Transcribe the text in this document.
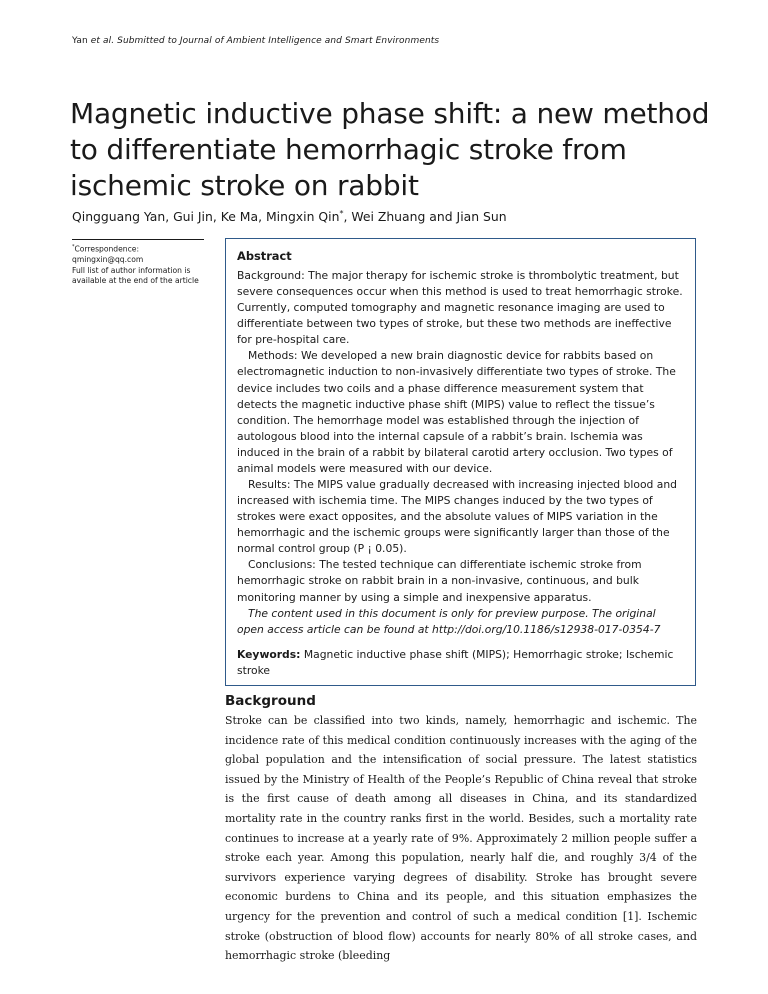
Yan et al. Submitted to Journal of Ambient Intelligence and Smart Environments
Magnetic inductive phase shift: a new method to differentiate hemorrhagic stroke from ischemic stroke on rabbit
Qingguang Yan, Gui Jin, Ke Ma, Mingxin Qin*, Wei Zhuang and Jian Sun
*Correspondence:
qmingxin@qq.com
Full list of author information is available at the end of the article
Abstract

Background: The major therapy for ischemic stroke is thrombolytic treatment, but severe consequences occur when this method is used to treat hemorrhagic stroke. Currently, computed tomography and magnetic resonance imaging are used to differentiate between two types of stroke, but these two methods are ineffective for pre-hospital care.

Methods: We developed a new brain diagnostic device for rabbits based on electromagnetic induction to non-invasively differentiate two types of stroke. The device includes two coils and a phase difference measurement system that detects the magnetic inductive phase shift (MIPS) value to reflect the tissue’s condition. The hemorrhage model was established through the injection of autologous blood into the internal capsule of a rabbit’s brain. Ischemia was induced in the brain of a rabbit by bilateral carotid artery occlusion. Two types of animal models were measured with our device.

Results: The MIPS value gradually decreased with increasing injected blood and increased with ischemia time. The MIPS changes induced by the two types of strokes were exact opposites, and the absolute values of MIPS variation in the hemorrhagic and the ischemic groups were significantly larger than those of the normal control group (P ¡ 0.05).

Conclusions: The tested technique can differentiate ischemic stroke from hemorrhagic stroke on rabbit brain in a non-invasive, continuous, and bulk monitoring manner by using a simple and inexpensive apparatus.

The content used in this document is only for preview purpose. The original open access article can be found at http://doi.org/10.1186/s12938-017-0354-7

Keywords: Magnetic inductive phase shift (MIPS); Hemorrhagic stroke; Ischemic stroke
Background

Stroke can be classified into two kinds, namely, hemorrhagic and ischemic. The incidence rate of this medical condition continuously increases with the aging of the global population and the intensification of social pressure. The latest statistics issued by the Ministry of Health of the People’s Republic of China reveal that stroke is the first cause of death among all diseases in China, and its standardized mortality rate in the country ranks first in the world. Besides, such a mortality rate continues to increase at a yearly rate of 9%. Approximately 2 million people suffer a stroke each year. Among this population, nearly half die, and roughly 3/4 of the survivors experience varying degrees of disability. Stroke has brought severe economic burdens to China and its people, and this situation emphasizes the urgency for the prevention and control of such a medical condition [1]. Ischemic stroke (obstruction of blood flow) accounts for nearly 80% of all stroke cases, and hemorrhagic stroke (bleeding
